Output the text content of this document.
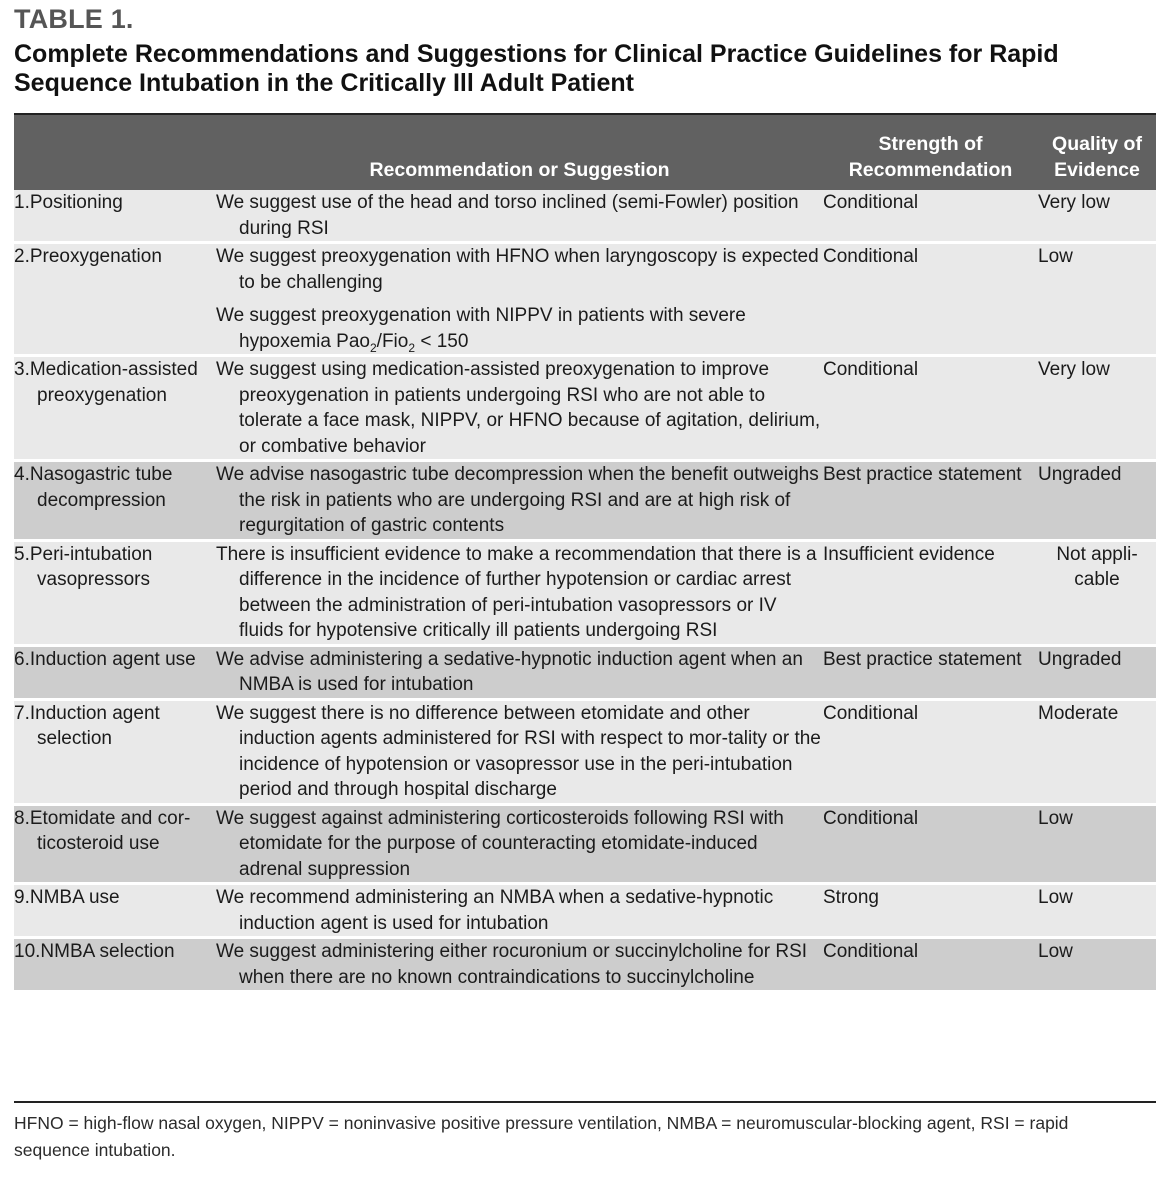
TABLE 1.
Complete Recommendations and Suggestions for Clinical Practice Guidelines for Rapid Sequence Intubation in the Critically Ill Adult Patient
	Recommendation or Suggestion	Strength of Recommendation	Quality of Evidence

1.Positioning	We suggest use of the head and torso inclined (semi-Fowler) position during RSI	Conditional	Very low

2.Preoxygenation	We suggest preoxygenation with HFNO when laryngoscopy is expected to be challenging
We suggest preoxygenation with NIPPV in patients with severe hypoxemia Pao$_2$/Fio$_2$ < 150	Conditional	Low

3.Medication-assisted preoxygenation	We suggest using medication-assisted preoxygenation to improve preoxygenation in patients undergoing RSI who are not able to tolerate a face mask, NIPPV, or HFNO because of agitation, delirium, or combative behavior	Conditional	Very low

4.Nasogastric tube decompression	We advise nasogastric tube decompression when the benefit outweighs the risk in patients who are undergoing RSI and are at high risk of regurgitation of gastric contents	Best practice statement	Ungraded

5.Peri-intubation vasopressors	There is insufficient evidence to make a recommendation that there is a difference in the incidence of further hypotension or cardiac arrest between the administration of peri-intubation vasopressors or IV fluids for hypotensive critically ill patients undergoing RSI	Insufficient evidence	Not appli-cable

6.Induction agent use	We advise administering a sedative-hypnotic induction agent when an NMBA is used for intubation	Best practice statement	Ungraded

7.Induction agent selection	We suggest there is no difference between etomidate and other induction agents administered for RSI with respect to mor-tality or the incidence of hypotension or vasopressor use in the peri-intubation period and through hospital discharge	Conditional	Moderate

8.Etomidate and cor-ticosteroid use	We suggest against administering corticosteroids following RSI with etomidate for the purpose of counteracting etomidate-induced adrenal suppression	Conditional	Low

9.NMBA use	We recommend administering an NMBA when a sedative-hypnotic induction agent is used for intubation	Strong	Low

10.NMBA selection	We suggest administering either rocuronium or succinylcholine for RSI when there are no known contraindications to succinylcholine	Conditional	Low
HFNO = high-flow nasal oxygen, NIPPV = noninvasive positive pressure ventilation, NMBA = neuromuscular-blocking agent, RSI = rapid sequence intubation.
